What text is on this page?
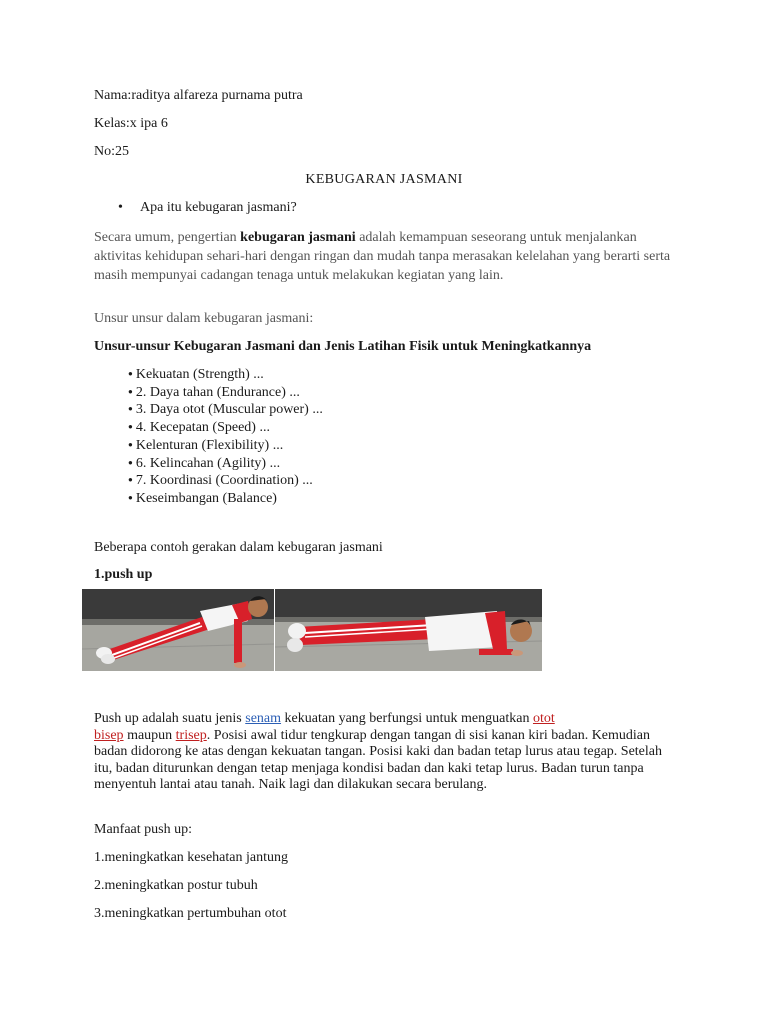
Nama:raditya alfareza purnama putra
Kelas:x ipa 6
No:25
KEBUGARAN JASMANI
• Apa itu kebugaran jasmani?
Secara umum, pengertian kebugaran jasmani adalah kemampuan seseorang untuk menjalankan aktivitas kehidupan sehari-hari dengan ringan dan mudah tanpa merasakan kelelahan yang berarti serta masih mempunyai cadangan tenaga untuk melakukan kegiatan yang lain.
Unsur unsur dalam kebugaran jasmani:
Unsur-unsur Kebugaran Jasmani dan Jenis Latihan Fisik untuk Meningkatkannya
● Kekuatan (Strength) ...
● 2. Daya tahan (Endurance) ...
● 3. Daya otot (Muscular power) ...
● 4. Kecepatan (Speed) ...
● Kelenturan (Flexibility) ...
● 6. Kelincahan (Agility) ...
● 7. Koordinasi (Coordination) ...
● Keseimbangan (Balance)
Beberapa contoh gerakan dalam kebugaran jasmani
1.push up
Push up adalah suatu jenis senam kekuatan yang berfungsi untuk menguatkan otot
bisep maupun trisep. Posisi awal tidur tengkurap dengan tangan di sisi kanan kiri badan. Kemudian badan didorong ke atas dengan kekuatan tangan. Posisi kaki dan badan tetap lurus atau tegap. Setelah itu, badan diturunkan dengan tetap menjaga kondisi badan dan kaki tetap lurus. Badan turun tanpa menyentuh lantai atau tanah. Naik lagi dan dilakukan secara berulang.
Manfaat push up:
1.meningkatkan kesehatan jantung
2.meningkatkan postur tubuh
3.meningkatkan pertumbuhan otot
